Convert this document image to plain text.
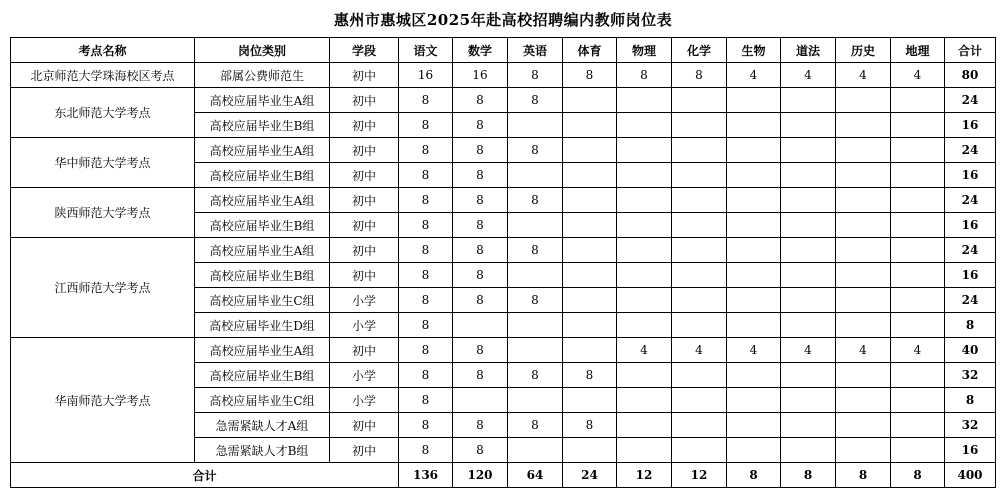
惠州市惠城区2025年赴高校招聘编内教师岗位表
考点名称	岗位类别	学段	语文	数学	英语	体育	物理	化学	生物	道法	历史	地理	合计
北京师范大学珠海校区考点	部属公费师范生	初中	16	16	8	8	8	8	4	4	4	4	80
东北师范大学考点	高校应届毕业生A组	初中	8	8	8								24
	高校应届毕业生B组	初中	8	8									16
华中师范大学考点	高校应届毕业生A组	初中	8	8	8								24
	高校应届毕业生B组	初中	8	8									16
陕西师范大学考点	高校应届毕业生A组	初中	8	8	8								24
	高校应届毕业生B组	初中	8	8									16
江西师范大学考点	高校应届毕业生A组	初中	8	8	8								24
	高校应届毕业生B组	初中	8	8									16
	高校应届毕业生C组	小学	8	8	8								24
	高校应届毕业生D组	小学	8										8
华南师范大学考点	高校应届毕业生A组	初中	8	8			4	4	4	4	4	4	40
	高校应届毕业生B组	小学	8	8	8	8							32
	高校应届毕业生C组	小学	8										8
	急需紧缺人才A组	初中	8	8	8	8							32
	急需紧缺人才B组	初中	8	8									16
合计			136	120	64	24	12	12	8	8	8	8	400
